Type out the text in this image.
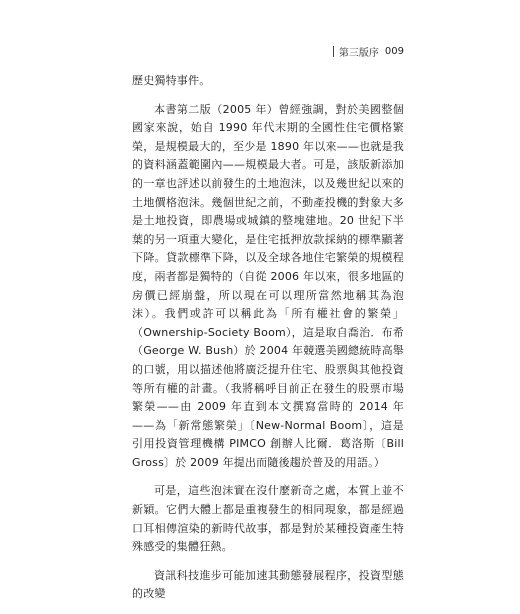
第三版序 009

歷史獨特事件。

本書第二版（2005 年）曾經強調，對於美國整個國家來說，始自 1990 年代末期的全國性住宅價格繁榮，是規模最大的，至少是 1890 年以來——也就是我的資料涵蓋範圍內——規模最大者。可是，該版新添加的一章也評述以前發生的土地泡沫，以及幾世紀以來的土地價格泡沫。幾個世紀之前，不動產投機的對象大多是土地投資，即農場或城鎮的整塊建地。20 世紀下半葉的另一項重大變化，是住宅抵押放款採納的標準顯著下降。貸款標準下降，以及全球各地住宅繁榮的規模程度，兩者都是獨特的（自從 2006 年以來，很多地區的房價已經崩盤，所以現在可以理所當然地稱其為泡沫）。我們或許可以稱此為「所有權社會的繁榮」（Ownership-Society Boom），這是取自喬治．布希（George W. Bush）於 2004 年競選美國總統時高舉的口號，用以描述他將廣泛提升住宅、股票與其他投資等所有權的計畫。（我將稱呼目前正在發生的股票市場繁榮——由 2009 年直到本文撰寫當時的 2014 年——為「新常態繁榮」〔New-Normal Boom〕，這是引用投資管理機構 PIMCO 創辦人比爾．葛洛斯〔Bill Gross〕於 2009 年提出而隨後趨於普及的用語。）

可是，這些泡沫實在沒什麼新奇之處，本質上並不新穎。它們大體上都是重複發生的相同現象，都是經過口耳相傳渲染的新時代故事，都是對於某種投資產生特殊感受的集體狂熱。

資訊科技進步可能加速其動態發展程序，投資型態的改變
